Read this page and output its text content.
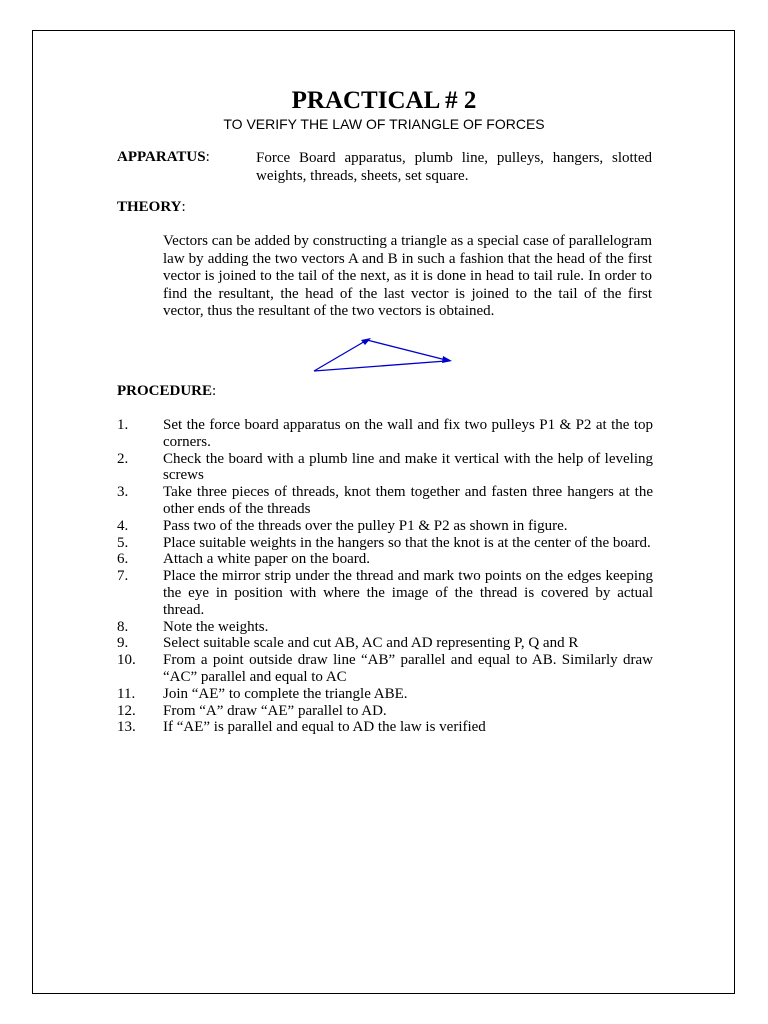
PRACTICAL # 2
TO VERIFY THE LAW OF TRIANGLE OF FORCES
APPARATUS:	Force Board apparatus, plumb line, pulleys, hangers, slotted weights, threads, sheets, set square.
THEORY:
Vectors can be added by constructing a triangle as a special case of parallelogram law by adding the two vectors A and B in such a fashion that the head of the first vector is joined to the tail of the next, as it is done in head to tail rule. In order to find the resultant, the head of the last vector is joined to the tail of the first vector, thus the resultant of the two vectors is obtained.
PROCEDURE:
1.	Set the force board apparatus on the wall and fix two pulleys P1 & P2 at the top corners.
2.	Check the board with a plumb line and make it vertical with the help of leveling screws
3.	Take three pieces of threads, knot them together and fasten three hangers at the other ends of the threads
4.	Pass two of the threads over the pulley P1 & P2 as shown in figure.
5.	Place suitable weights in the hangers so that the knot is at the center of the board.
6.	Attach a white paper on the board.
7.	Place the mirror strip under the thread and mark two points on the edges keeping the eye in position with where the image of the thread is covered by actual thread.
8.	Note the weights.
9.	Select suitable scale and cut AB, AC and AD representing P, Q and R
10.	From a point outside draw line “AB” parallel and equal to AB. Similarly draw “AC” parallel and equal to AC
11.	Join “AE” to complete the triangle ABE.
12.	From “A” draw “AE” parallel to AD.
13.	If “AE” is parallel and equal to AD the law is verified
